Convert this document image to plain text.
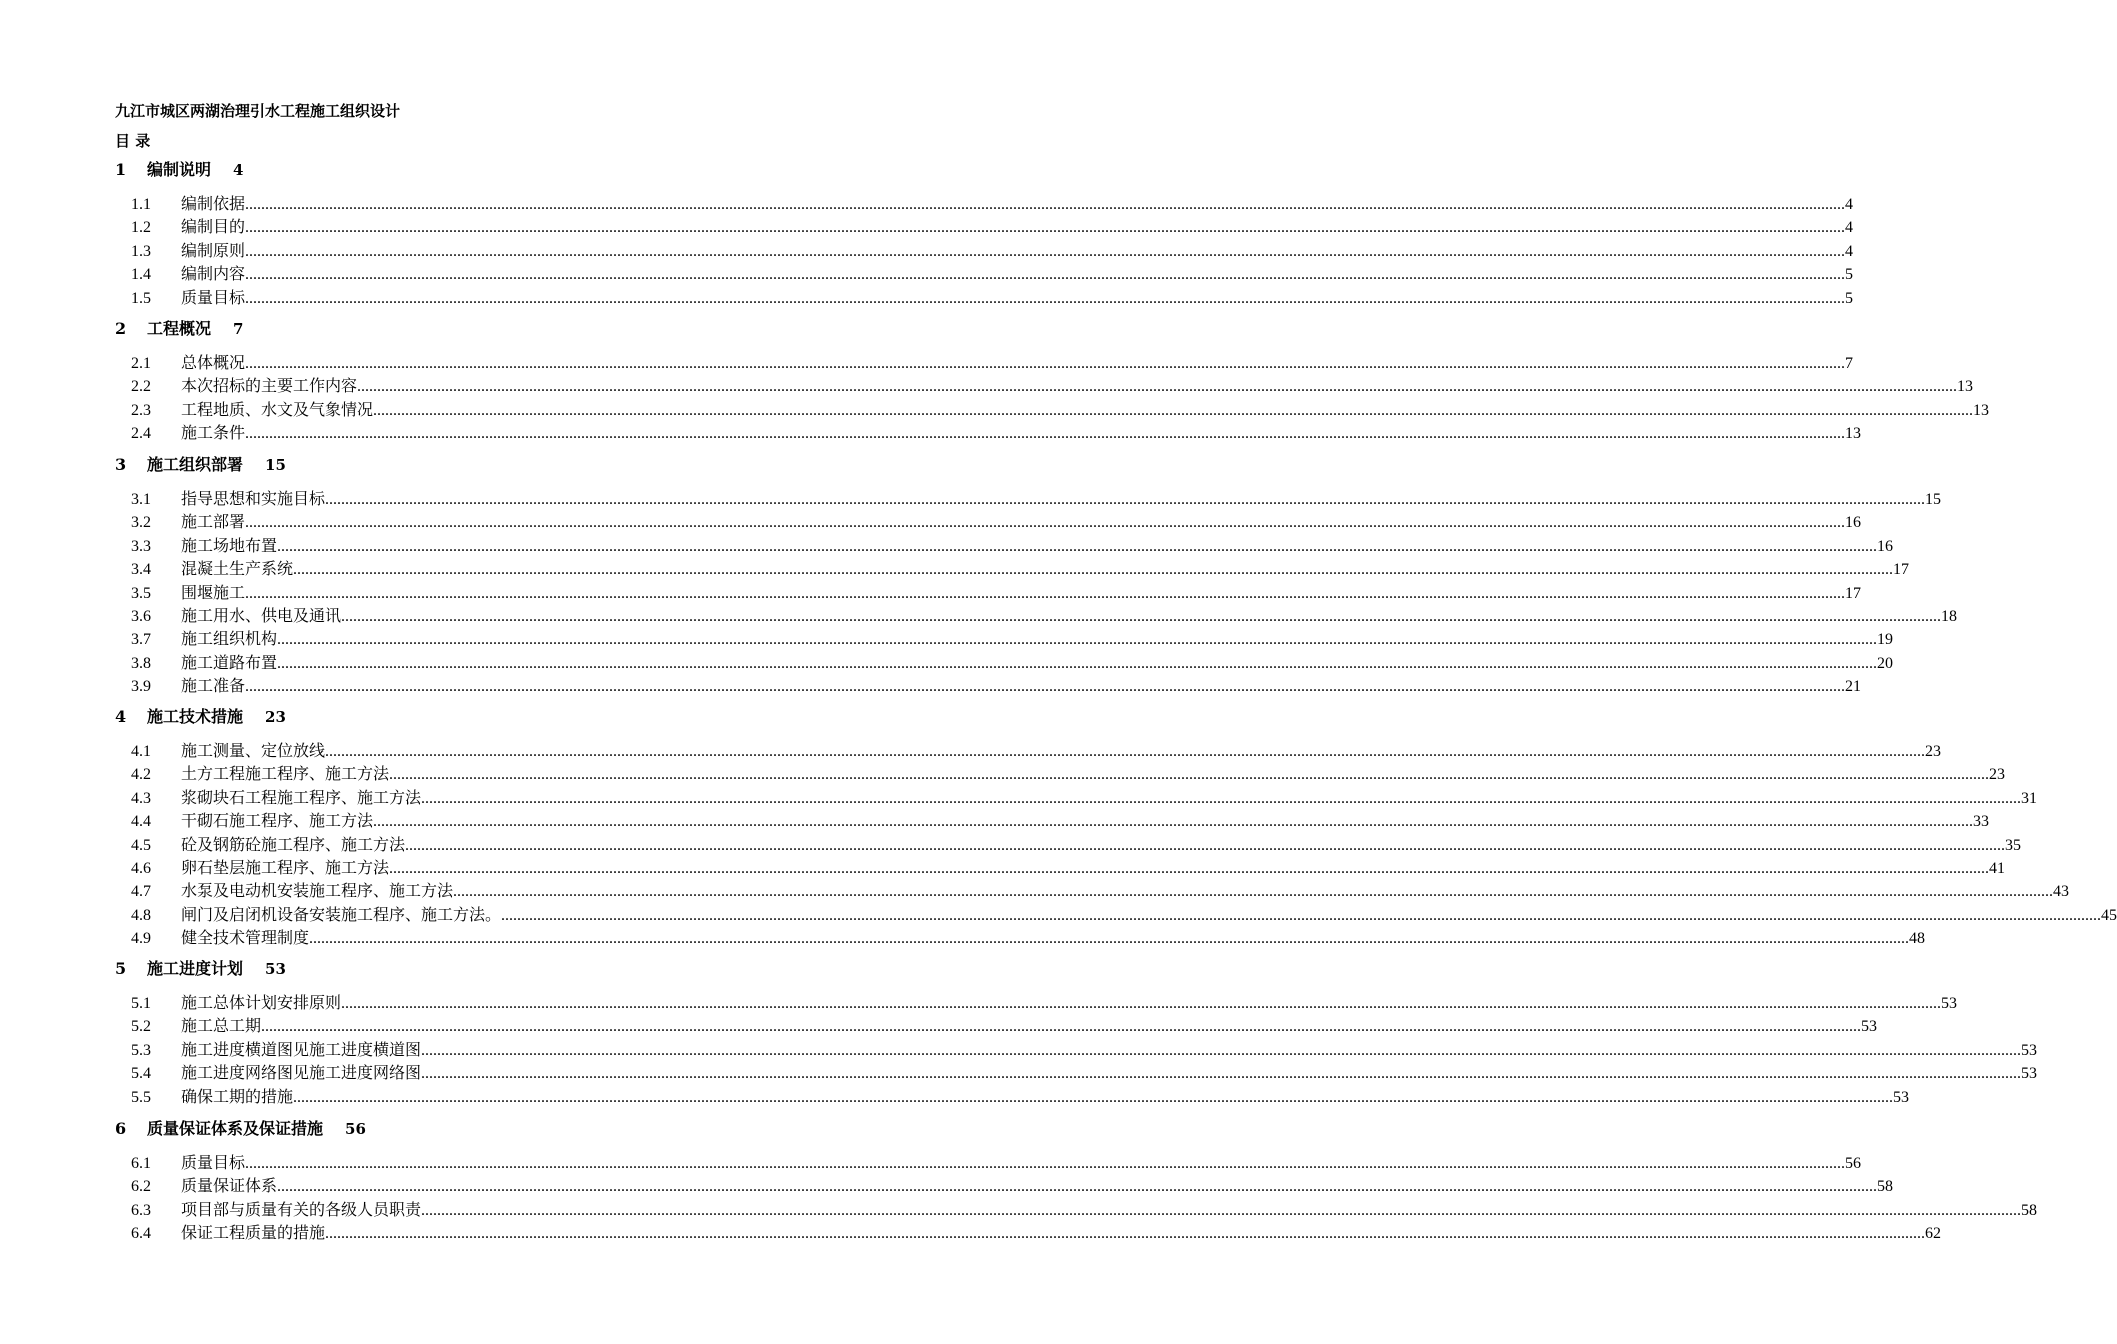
九江市城区两湖治理引水工程施工组织设计
目 录
1 编制说明 4
1.1	编制依据 ................................................................................................................................................................................................................................................................................................................................................................................................................ 4
1.2	编制目的 ................................................................................................................................................................................................................................................................................................................................................................................................................ 4
1.3	编制原则 ................................................................................................................................................................................................................................................................................................................................................................................................................ 4
1.4	编制内容 ................................................................................................................................................................................................................................................................................................................................................................................................................ 5
1.5	质量目标 ................................................................................................................................................................................................................................................................................................................................................................................................................ 5
2 工程概况 7
2.1	总体概况 ................................................................................................................................................................................................................................................................................................................................................................................................................ 7
2.2	本次招标的主要工作内容 ................................................................................................................................................................................................................................................................................................................................................................................................................ 13
2.3	工程地质、水文及气象情况 ................................................................................................................................................................................................................................................................................................................................................................................................................ 13
2.4	施工条件 ................................................................................................................................................................................................................................................................................................................................................................................................................ 13
3 施工组织部署 15
3.1	指导思想和实施目标 ................................................................................................................................................................................................................................................................................................................................................................................................................ 15
3.2	施工部署 ................................................................................................................................................................................................................................................................................................................................................................................................................ 16
3.3	施工场地布置 ................................................................................................................................................................................................................................................................................................................................................................................................................ 16
3.4	混凝土生产系统 ................................................................................................................................................................................................................................................................................................................................................................................................................ 17
3.5	围堰施工 ................................................................................................................................................................................................................................................................................................................................................................................................................ 17
3.6	施工用水、供电及通讯 ................................................................................................................................................................................................................................................................................................................................................................................................................ 18
3.7	施工组织机构 ................................................................................................................................................................................................................................................................................................................................................................................................................ 19
3.8	施工道路布置 ................................................................................................................................................................................................................................................................................................................................................................................................................ 20
3.9	施工准备 ................................................................................................................................................................................................................................................................................................................................................................................................................ 21
4 施工技术措施 23
4.1	施工测量、定位放线 ................................................................................................................................................................................................................................................................................................................................................................................................................ 23
4.2	土方工程施工程序、施工方法 ................................................................................................................................................................................................................................................................................................................................................................................................................ 23
4.3	浆砌块石工程施工程序、施工方法 ................................................................................................................................................................................................................................................................................................................................................................................................................ 31
4.4	干砌石施工程序、施工方法 ................................................................................................................................................................................................................................................................................................................................................................................................................ 33
4.5	砼及钢筋砼施工程序、施工方法 ................................................................................................................................................................................................................................................................................................................................................................................................................ 35
4.6	卵石垫层施工程序、施工方法 ................................................................................................................................................................................................................................................................................................................................................................................................................ 41
4.7	水泵及电动机安装施工程序、施工方法 ................................................................................................................................................................................................................................................................................................................................................................................................................ 43
4.8	闸门及启闭机设备安装施工程序、施工方法。 ................................................................................................................................................................................................................................................................................................................................................................................................................ 45
4.9	健全技术管理制度 ................................................................................................................................................................................................................................................................................................................................................................................................................ 48
5 施工进度计划 53
5.1	施工总体计划安排原则 ................................................................................................................................................................................................................................................................................................................................................................................................................ 53
5.2	施工总工期 ................................................................................................................................................................................................................................................................................................................................................................................................................ 53
5.3	施工进度横道图见施工进度横道图 ................................................................................................................................................................................................................................................................................................................................................................................................................ 53
5.4	施工进度网络图见施工进度网络图 ................................................................................................................................................................................................................................................................................................................................................................................................................ 53
5.5	确保工期的措施 ................................................................................................................................................................................................................................................................................................................................................................................................................ 53
6 质量保证体系及保证措施 56
6.1	质量目标 ................................................................................................................................................................................................................................................................................................................................................................................................................ 56
6.2	质量保证体系 ................................................................................................................................................................................................................................................................................................................................................................................................................ 58
6.3	项目部与质量有关的各级人员职责 ................................................................................................................................................................................................................................................................................................................................................................................................................ 58
6.4	保证工程质量的措施 ................................................................................................................................................................................................................................................................................................................................................................................................................ 62
